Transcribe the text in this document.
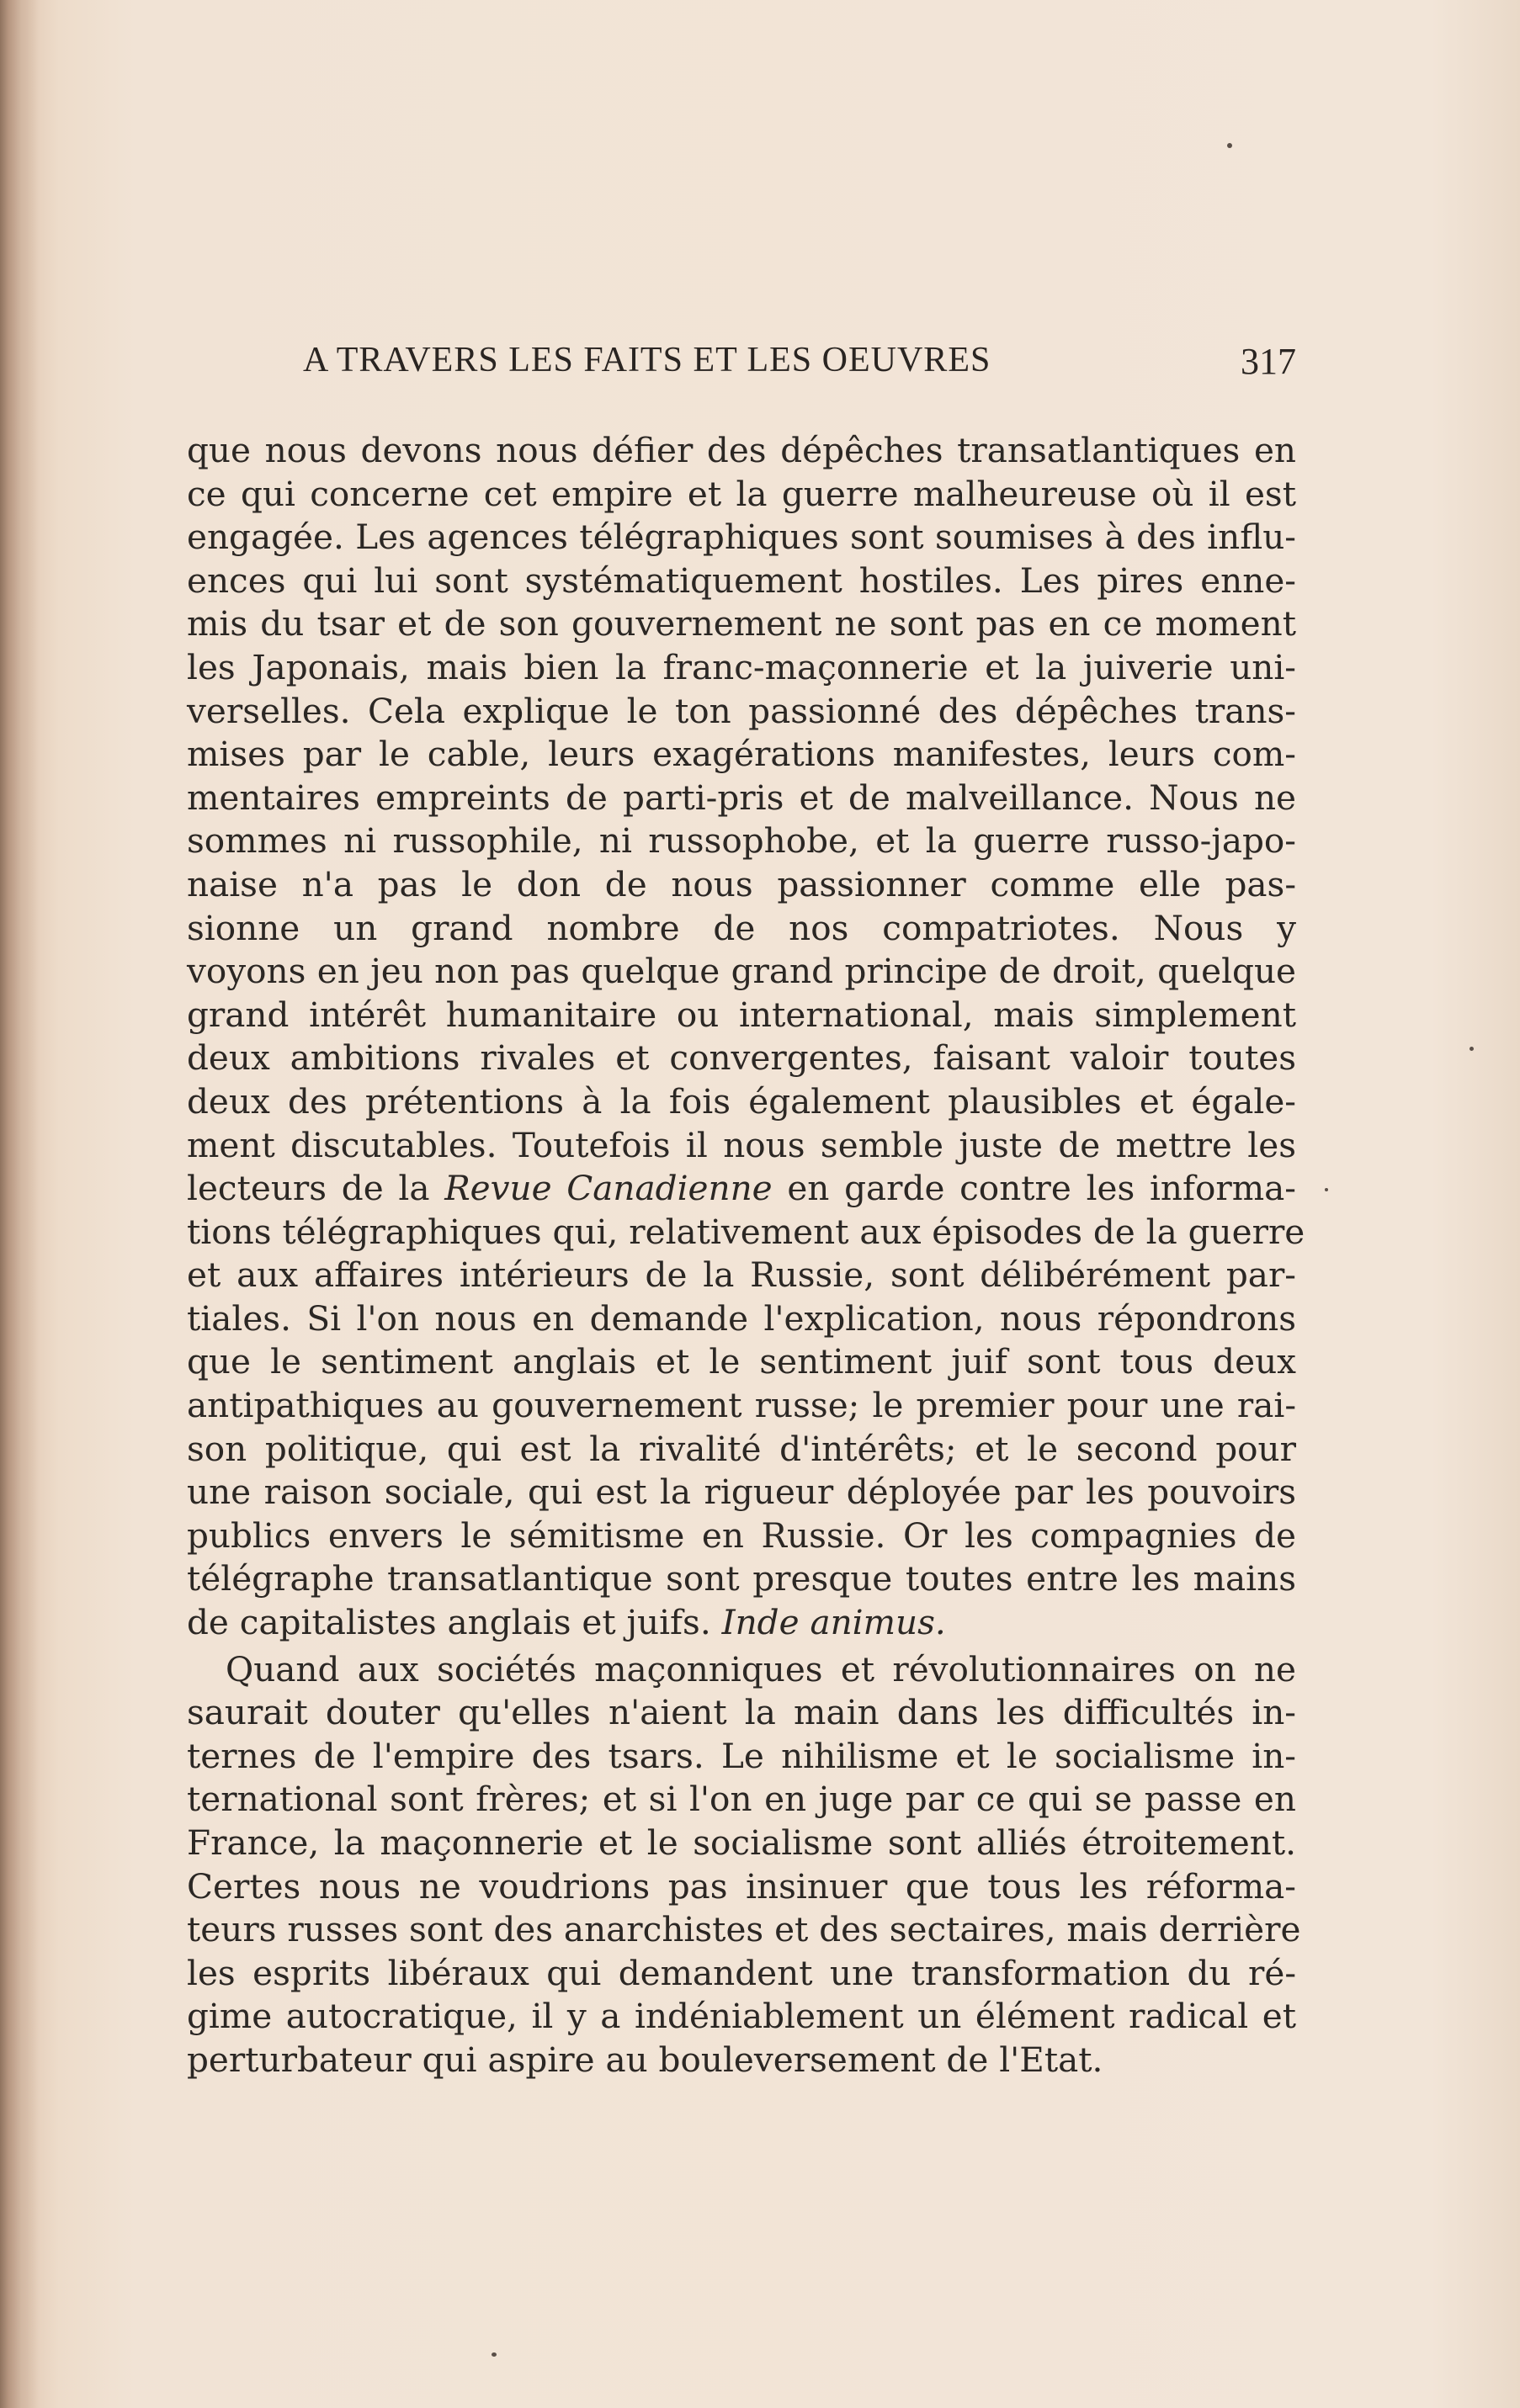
A TRAVERS LES FAITS ET LES OEUVRES	317
que nous devons nous défier des dépêches transatlantiques en
ce qui concerne cet empire et la guerre malheureuse où il est
engagée. Les agences télégraphiques sont soumises à des influ-
ences qui lui sont systématiquement hostiles. Les pires enne-
mis du tsar et de son gouvernement ne sont pas en ce moment
les Japonais, mais bien la franc-maçonnerie et la juiverie uni-
verselles. Cela explique le ton passionné des dépêches trans-
mises par le cable, leurs exagérations manifestes, leurs com-
mentaires empreints de parti-pris et de malveillance. Nous ne
sommes ni russophile, ni russophobe, et la guerre russo-japo-
naise n'a pas le don de nous passionner comme elle pas-
sionne un grand nombre de nos compatriotes. Nous y
voyons en jeu non pas quelque grand principe de droit, quelque
grand intérêt humanitaire ou international, mais simplement
deux ambitions rivales et convergentes, faisant valoir toutes
deux des prétentions à la fois également plausibles et égale-
ment discutables. Toutefois il nous semble juste de mettre les
lecteurs de la Revue Canadienne en garde contre les informa-
tions télégraphiques qui, relativement aux épisodes de la guerre
et aux affaires intérieurs de la Russie, sont délibérément par-
tiales. Si l'on nous en demande l'explication, nous répondrons
que le sentiment anglais et le sentiment juif sont tous deux
antipathiques au gouvernement russe; le premier pour une rai-
son politique, qui est la rivalité d'intérêts; et le second pour
une raison sociale, qui est la rigueur déployée par les pouvoirs
publics envers le sémitisme en Russie. Or les compagnies de
télégraphe transatlantique sont presque toutes entre les mains
de capitalistes anglais et juifs. Inde animus.
Quand aux sociétés maçonniques et révolutionnaires on ne
saurait douter qu'elles n'aient la main dans les difficultés in-
ternes de l'empire des tsars. Le nihilisme et le socialisme in-
ternational sont frères; et si l'on en juge par ce qui se passe en
France, la maçonnerie et le socialisme sont alliés étroitement.
Certes nous ne voudrions pas insinuer que tous les réforma-
teurs russes sont des anarchistes et des sectaires, mais derrière
les esprits libéraux qui demandent une transformation du ré-
gime autocratique, il y a indéniablement un élément radical et
perturbateur qui aspire au bouleversement de l'Etat.
